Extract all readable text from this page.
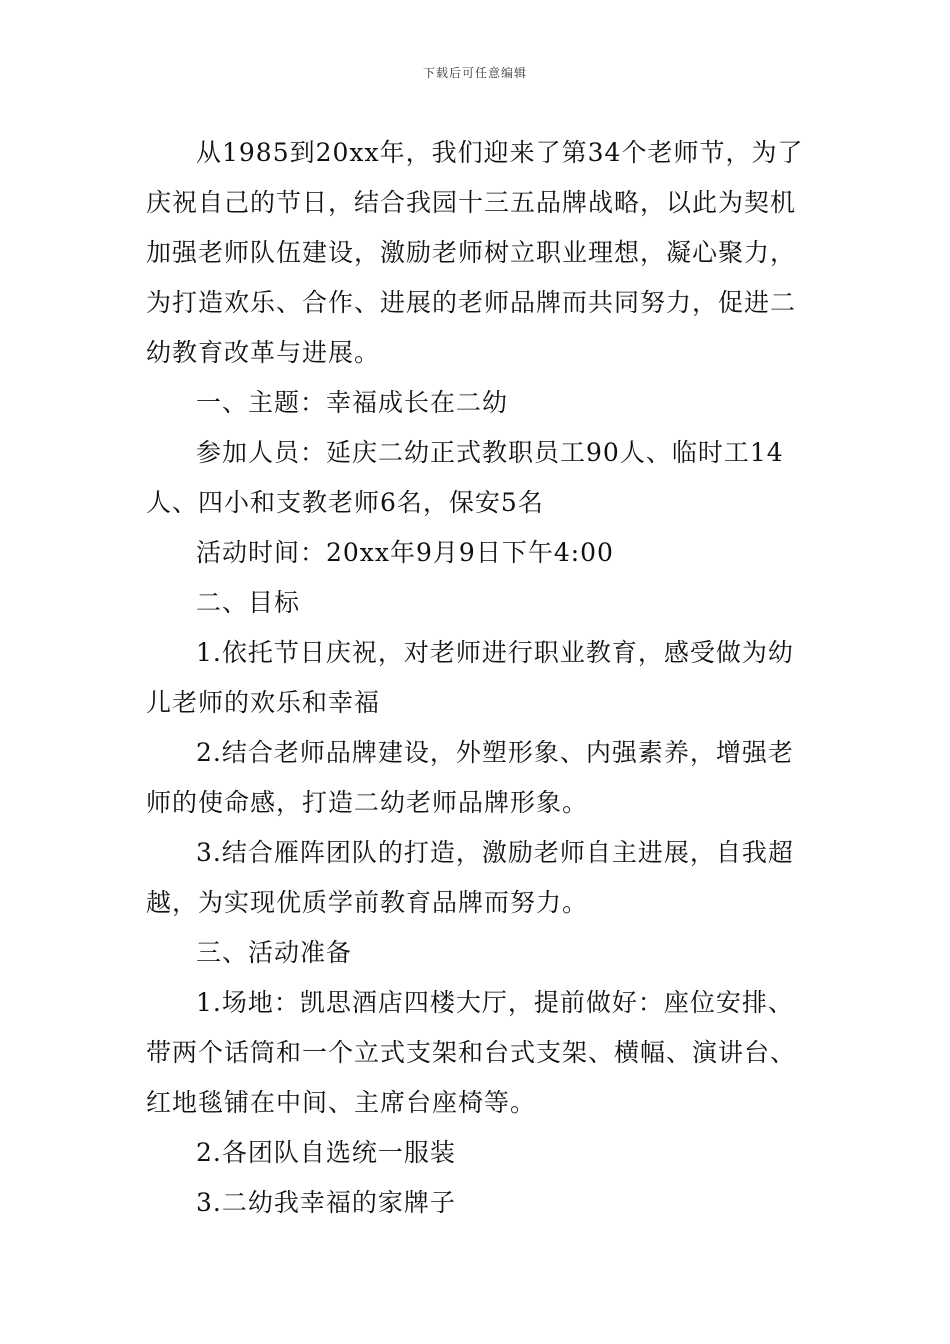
下载后可任意编辑

从1985到20xx年，我们迎来了第34个老师节，为了庆祝自己的节日，结合我园十三五品牌战略，以此为契机加强老师队伍建设，激励老师树立职业理想，凝心聚力，为打造欢乐、合作、进展的老师品牌而共同努力，促进二幼教育改革与进展。

一、主题：幸福成长在二幼

参加人员：延庆二幼正式教职员工90人、临时工14人、四小和支教老师6名，保安5名

活动时间：20xx年9月9日下午4:00

二、目标

1.依托节日庆祝，对老师进行职业教育，感受做为幼儿老师的欢乐和幸福

2.结合老师品牌建设，外塑形象、内强素养，增强老师的使命感，打造二幼老师品牌形象。

3.结合雁阵团队的打造，激励老师自主进展，自我超越，为实现优质学前教育品牌而努力。

三、活动准备

1.场地：凯思酒店四楼大厅，提前做好：座位安排、带两个话筒和一个立式支架和台式支架、横幅、演讲台、红地毯铺在中间、主席台座椅等。

2.各团队自选统一服装

3.二幼我幸福的家牌子
